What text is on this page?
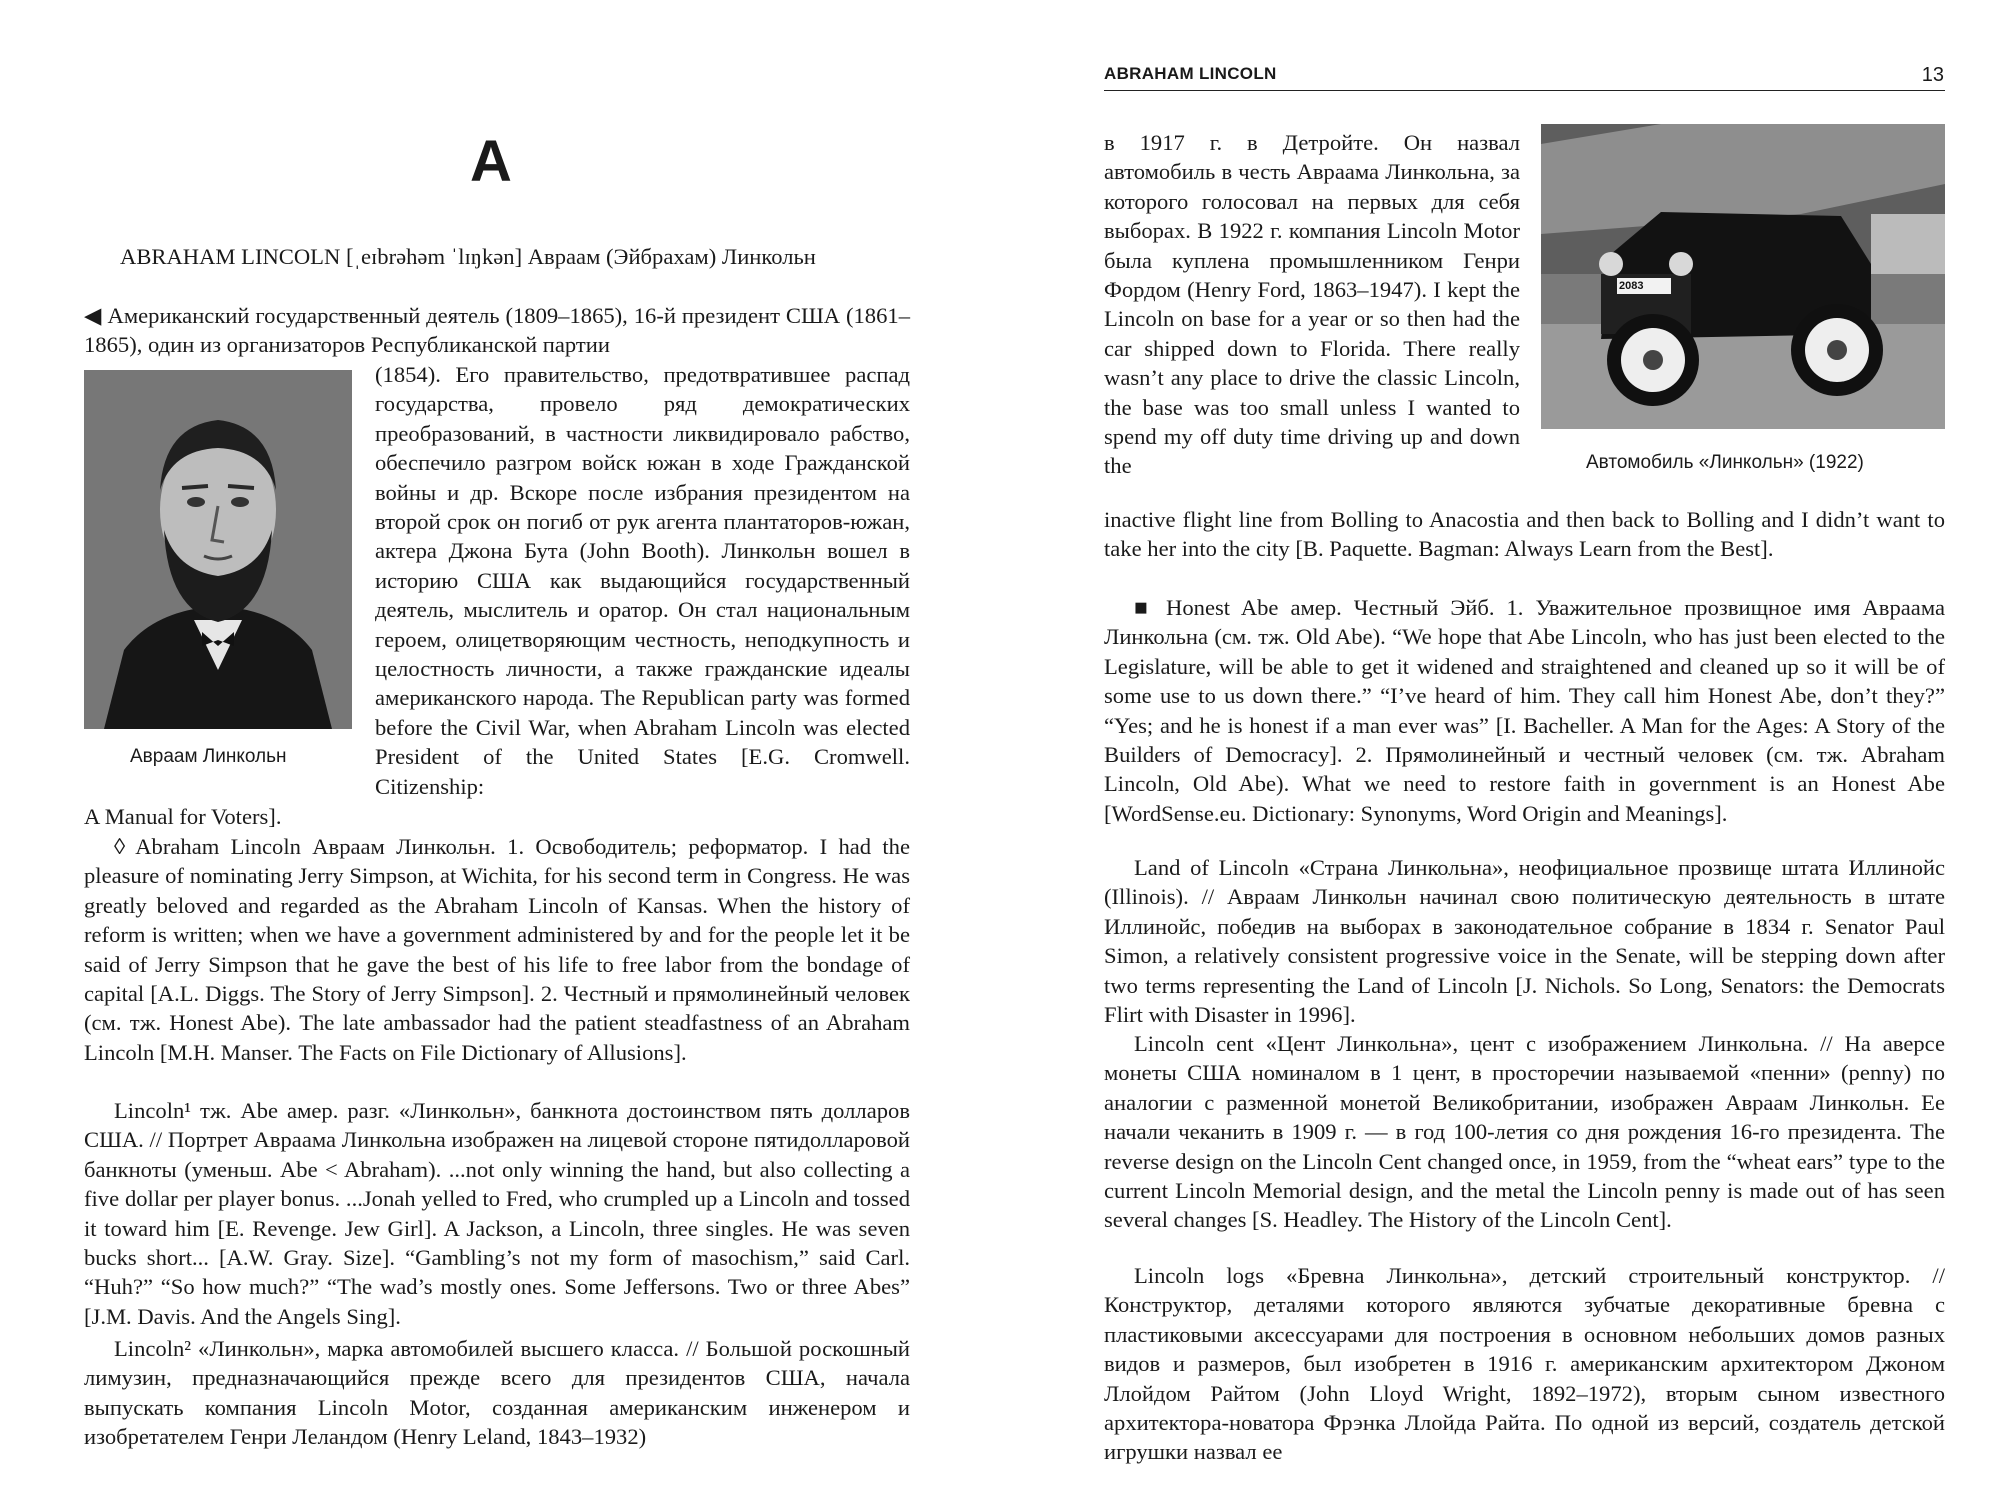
A

ABRAHAM LINCOLN [ˌeɪbrəhəm ˈlɪŋkən] Авраам (Эйбрахам) Линкольн

◀ Американский государственный деятель (1809–1865), 16-й президент США (1861–1865), один из организаторов Республиканской партии

Авраам Линкольн

(1854). Его правительство, предотвратившее распад государства, провело ряд демократических преобразований, в частности ликвидировало рабство, обеспечило разгром войск южан в ходе Гражданской войны и др. Вскоре после избрания президентом на второй срок он погиб от рук агента плантаторов-южан, актера Джона Бута (John Booth). Линкольн вошел в историю США как выдающийся государственный деятель, мыслитель и оратор. Он стал национальным героем, олицетворяющим честность, неподкупность и целостность личности, а также гражданские идеалы американского народа. The Republican party was formed before the Civil War, when Abraham Lincoln was elected President of the United States [E.G. Cromwell. Citizenship:

A Manual for Voters].

◊ Abraham Lincoln Авраам Линкольн. 1. Освободитель; реформатор. I had the pleasure of nominating Jerry Simpson, at Wichita, for his second term in Congress. He was greatly beloved and regarded as the Abraham Lincoln of Kansas. When the history of reform is written; when we have a government administered by and for the people let it be said of Jerry Simpson that he gave the best of his life to free labor from the bondage of capital [A.L. Diggs. The Story of Jerry Simpson]. 2. Честный и прямолинейный человек (см. тж. Honest Abe). The late ambassador had the patient steadfastness of an Abraham Lincoln [M.H. Manser. The Facts on File Dictionary of Allusions].

Lincoln¹ тж. Abe амер. разг. «Линкольн», банкнота достоинством пять долларов США. // Портрет Авраама Линкольна изображен на лицевой стороне пятидолларовой банкноты (уменьш. Abe < Abraham). ...not only winning the hand, but also collecting a five dollar per player bonus. ...Jonah yelled to Fred, who crumpled up a Lincoln and tossed it toward him [E. Revenge. Jew Girl]. A Jackson, a Lincoln, three singles. He was seven bucks short... [A.W. Gray. Size]. “Gambling’s not my form of masochism,” said Carl. “Huh?” “So how much?” “The wad’s mostly ones. Some Jeffersons. Two or three Abes” [J.M. Davis. And the Angels Sing].

Lincoln² «Линкольн», марка автомобилей высшего класса. // Большой роскошный лимузин, предназначающийся прежде всего для президентов США, начала выпускать компания Lincoln Motor, созданная американским инженером и изобретателем Генри Лeландом (Henry Leland, 1843–1932)

ABRAHAM LINCOLN	13
2083
Автомобиль «Линкольн» (1922)

в 1917 г. в Детройте. Он назвал автомобиль в честь Авраама Линкольна, за которого голосовал на первых для себя выборах. В 1922 г. компания Lincoln Motor была куплена промышленником Генри Фордом (Henry Ford, 1863–1947). I kept the Lincoln on base for a year or so then had the car shipped down to Florida. There really wasn’t any place to drive the classic Lincoln, the base was too small unless I wanted to spend my off duty time driving up and down the

inactive flight line from Bolling to Anacostia and then back to Bolling and I didn’t want to take her into the city [B. Paquette. Bagman: Always Learn from the Best].

■ Honest Abe амер. Честный Эйб. 1. Уважительное прозвищное имя Авраама Линкольна (см. тж. Old Abe). “We hope that Abe Lincoln, who has just been elected to the Legislature, will be able to get it widened and straightened and cleaned up so it will be of some use to us down there.” “I’ve heard of him. They call him Honest Abe, don’t they?” “Yes; and he is honest if a man ever was” [I. Bacheller. A Man for the Ages: A Story of the Builders of Democracy]. 2. Прямолинейный и честный человек (см. тж. Abraham Lincoln, Old Abe). What we need to restore faith in government is an Honest Abe [WordSense.eu. Dictionary: Synonyms, Word Origin and Meanings].

Land of Lincoln «Страна Линкольна», неофициальное прозвище штата Иллинойс (Illinois). // Авраам Линкольн начинал свою политическую деятельность в штате Иллинойс, победив на выборах в законодательное собрание в 1834 г. Senator Paul Simon, a relatively consistent progressive voice in the Senate, will be stepping down after two terms representing the Land of Lincoln [J. Nichols. So Long, Senators: the Democrats Flirt with Disaster in 1996].

Lincoln cent «Цент Линкольна», цент с изображением Линкольна. // На аверсе монеты США номиналом в 1 цент, в просторечии называемой «пенни» (penny) по аналогии с разменной монетой Великобритании, изображен Авраам Линкольн. Ее начали чеканить в 1909 г. — в год 100-летия со дня рождения 16-го президента. The reverse design on the Lincoln Cent changed once, in 1959, from the “wheat ears” type to the current Lincoln Memorial design, and the metal the Lincoln penny is made out of has seen several changes [S. Headley. The History of the Lincoln Cent].

Lincoln logs «Бревна Линкольна», детский строительный конструктор. // Конструктор, деталями которого являются зубчатые декоративные бревна с пластиковыми аксессуарами для построения в основном небольших домов разных видов и размеров, был изобретен в 1916 г. американским архитектором Джоном Ллойдом Райтом (John Lloyd Wright, 1892–1972), вторым сыном известного архитектора-новатора Фрэнка Ллойда Райта. По одной из версий, создатель детской игрушки назвал ее
